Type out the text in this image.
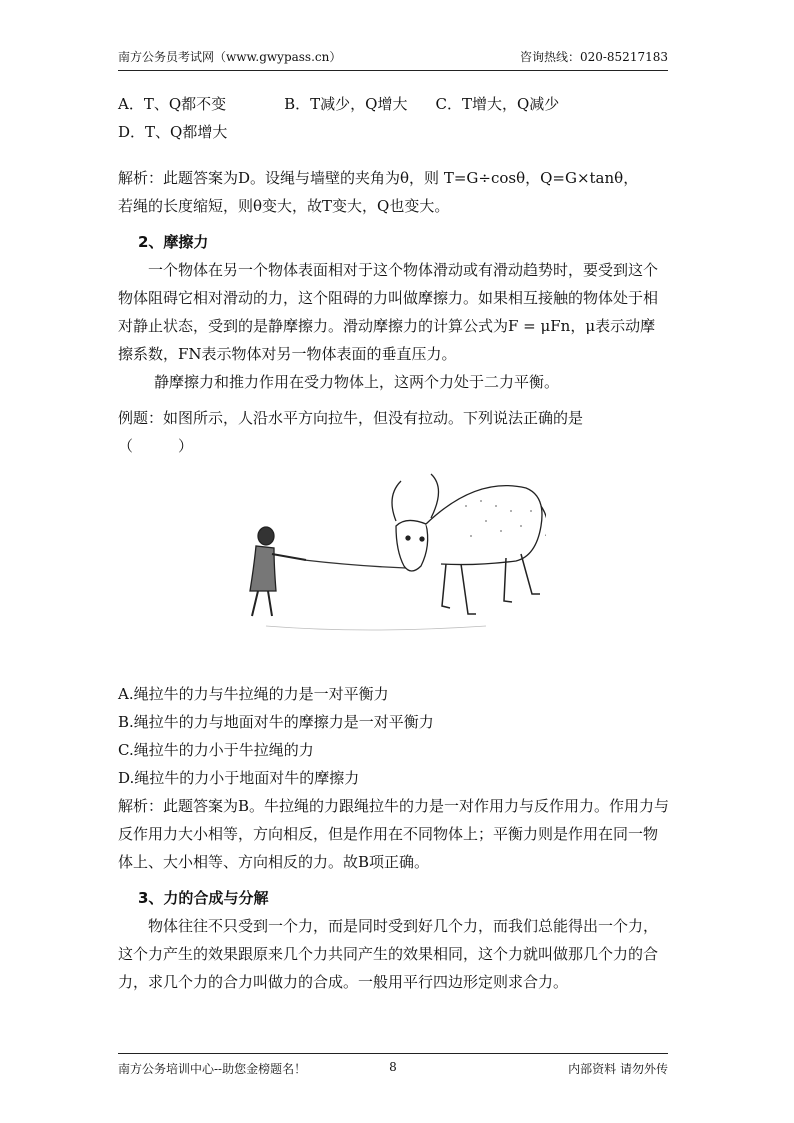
南方公务员考试网（www.gwypass.cn）	咨询热线：020-85217183

A．T、Q都不变	B．T减少，Q增大 C．T增大，Q减少
D．T、Q都增大

解析：此题答案为D。设绳与墙壁的夹角为θ，则 T=G÷cosθ，Q=G×tanθ，

若绳的长度缩短，则θ变大，故T变大，Q也变大。

2、摩擦力

一个物体在另一个物体表面相对于这个物体滑动或有滑动趋势时，要受到这个物体阻碍它相对滑动的力，这个阻碍的力叫做摩擦力。如果相互接触的物体处于相对静止状态，受到的是静摩擦力。滑动摩擦力的计算公式为F = μFn，μ表示动摩擦系数，FN表示物体对另一物体表面的垂直压力。

静摩擦力和推力作用在受力物体上，这两个力处于二力平衡。

例题：如图所示，人沿水平方向拉牛，但没有拉动。下列说法正确的是

（　　　）

A.绳拉牛的力与牛拉绳的力是一对平衡力

B.绳拉牛的力与地面对牛的摩擦力是一对平衡力

C.绳拉牛的力小于牛拉绳的力

D.绳拉牛的力小于地面对牛的摩擦力

解析：此题答案为B。牛拉绳的力跟绳拉牛的力是一对作用力与反作用力。作用力与反作用力大小相等，方向相反，但是作用在不同物体上；平衡力则是作用在同一物体上、大小相等、方向相反的力。故B项正确。

3、力的合成与分解

物体往往不只受到一个力，而是同时受到好几个力，而我们总能得出一个力，这个力产生的效果跟原来几个力共同产生的效果相同，这个力就叫做那几个力的合力，求几个力的合力叫做力的合成。一般用平行四边形定则求合力。

南方公务培训中心--助您金榜题名！	8	内部资料 请勿外传
